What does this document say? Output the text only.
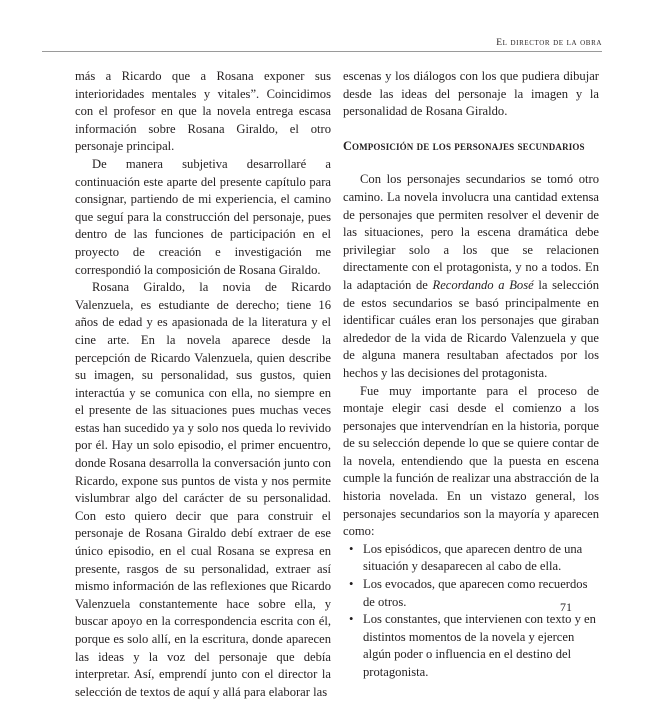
El director de la obra

más a Ricardo que a Rosana exponer sus interioridades mentales y vitales”. Coincidimos con el profesor en que la novela entrega escasa información sobre Rosana Giraldo, el otro personaje principal.

De manera subjetiva desarrollaré a continuación este aparte del presente capítulo para consignar, partiendo de mi experiencia, el camino que seguí para la construcción del personaje, pues dentro de las funciones de participación en el proyecto de creación e investigación me correspondió la composición de Rosana Giraldo.

Rosana Giraldo, la novia de Ricardo Valenzuela, es estudiante de derecho; tiene 16 años de edad y es apasionada de la literatura y el cine arte. En la novela aparece desde la percepción de Ricardo Valenzuela, quien describe su imagen, su personalidad, sus gustos, quien interactúa y se comunica con ella, no siempre en el presente de las situaciones pues muchas veces estas han sucedido ya y solo nos queda lo revivido por él. Hay un solo episodio, el primer encuentro, donde Rosana desarrolla la conversación junto con Ricardo, expone sus puntos de vista y nos permite vislumbrar algo del carácter de su personalidad. Con esto quiero decir que para construir el personaje de Rosana Giraldo debí extraer de ese único episodio, en el cual Rosana se expresa en presente, rasgos de su personalidad, extraer así mismo información de las reflexiones que Ricardo Valenzuela constantemente hace sobre ella, y buscar apoyo en la correspondencia escrita con él, porque es solo allí, en la escritura, donde aparecen las ideas y la voz del personaje que debía interpretar. Así, emprendí junto con el director la selección de textos de aquí y allá para elaborar las

escenas y los diálogos con los que pudiera dibujar desde las ideas del personaje la imagen y la personalidad de Rosana Giraldo.

Composición de los personajes secundarios

Con los personajes secundarios se tomó otro camino. La novela involucra una cantidad extensa de personajes que permiten resolver el devenir de las situaciones, pero la escena dramática debe privilegiar solo a los que se relacionen directamente con el protagonista, y no a todos. En la adaptación de Recordando a Bosé la selección de estos secundarios se basó principalmente en identificar cuáles eran los personajes que giraban alrededor de la vida de Ricardo Valenzuela y que de alguna manera resultaban afectados por los hechos y las decisiones del protagonista.

Fue muy importante para el proceso de montaje elegir casi desde el comienzo a los personajes que intervendrían en la historia, porque de su selección depende lo que se quiere contar de la novela, entendiendo que la puesta en escena cumple la función de realizar una abstracción de la historia novelada. En un vistazo general, los personajes secundarios son la mayoría y aparecen como:

• Los episódicos, que aparecen dentro de una situación y desaparecen al cabo de ella.
• Los evocados, que aparecen como recuerdos de otros.
• Los constantes, que intervienen con texto y en distintos momentos de la novela y ejercen algún poder o influencia en el destino del protagonista.
71
